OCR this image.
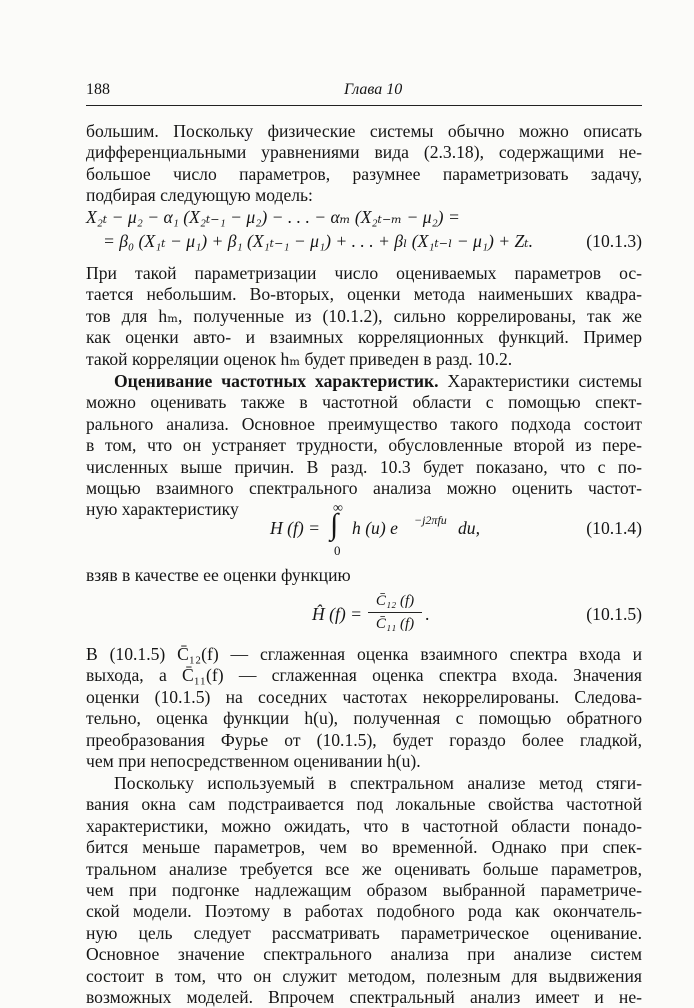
188	Глава 10

большим. Поскольку физические системы обычно можно описать

дифференциальными уравнениями вида (2.3.18), содержащими не-

большое число параметров, разумнее параметризовать задачу,

подбирая следующую модель:

X₂ₜ − μ₂ − α₁ (X₂ₜ₋₁ − μ₂) − . . . − αₘ (X₂ₜ₋ₘ − μ₂) =
= β₀ (X₁ₜ − μ₁) + β₁ (X₁ₜ₋₁ − μ₁) + . . . + βₗ (X₁ₜ₋ₗ − μ₁) + Zₜ.	(10.1.3)

При такой параметризации число оцениваемых параметров ос-

тается небольшим. Во-вторых, оценки метода наименьших квадра-

тов для hₘ, полученные из (10.1.2), сильно коррелированы, так же

как оценки авто- и взаимных корреляционных функций. Пример

такой корреляции оценок hₘ будет приведен в разд. 10.2.

Оценивание частотных характеристик. Характеристики системы

можно оценивать также в частотной области с помощью спект-

рального анализа. Основное преимущество такого подхода состоит

в том, что он устраняет трудности, обусловленные второй из пере-

численных выше причин. В разд. 10.3 будет показано, что с по-

мощью взаимного спектрального анализа можно оценить частот-

ную характеристику

H (f) =
∞
∫
0
h (u) e −j2πfu du,	(10.1.4)

взяв в качестве ее оценки функцию

Ĥ (f) =
C̄₁₂ (f)
C̄₁₁ (f) .	(10.1.5)

В (10.1.5) C̄₁₂(f) — сглаженная оценка взаимного спектра входа и

выхода, а C̄₁₁(f) — сглаженная оценка спектра входа. Значения

оценки (10.1.5) на соседних частотах некоррелированы. Следова-

тельно, оценка функции h(u), полученная с помощью обратного

преобразования Фурье от (10.1.5), будет гораздо более гладкой,

чем при непосредственном оценивании h(u).

Поскольку используемый в спектральном анализе метод стяги-

вания окна сам подстраивается под локальные свойства частотной

характеристики, можно ожидать, что в частотной области понадо-

бится меньше параметров, чем во временно́й. Однако при спек-

тральном анализе требуется все же оценивать больше параметров,

чем при подгонке надлежащим образом выбранной параметриче-

ской модели. Поэтому в работах подобного рода как окончатель-

ную цель следует рассматривать параметрическое оценивание.

Основное значение спектрального анализа при анализе систем

состоит в том, что он служит методом, полезным для выдвижения

возможных моделей. Впрочем спектральный анализ имеет и не-
